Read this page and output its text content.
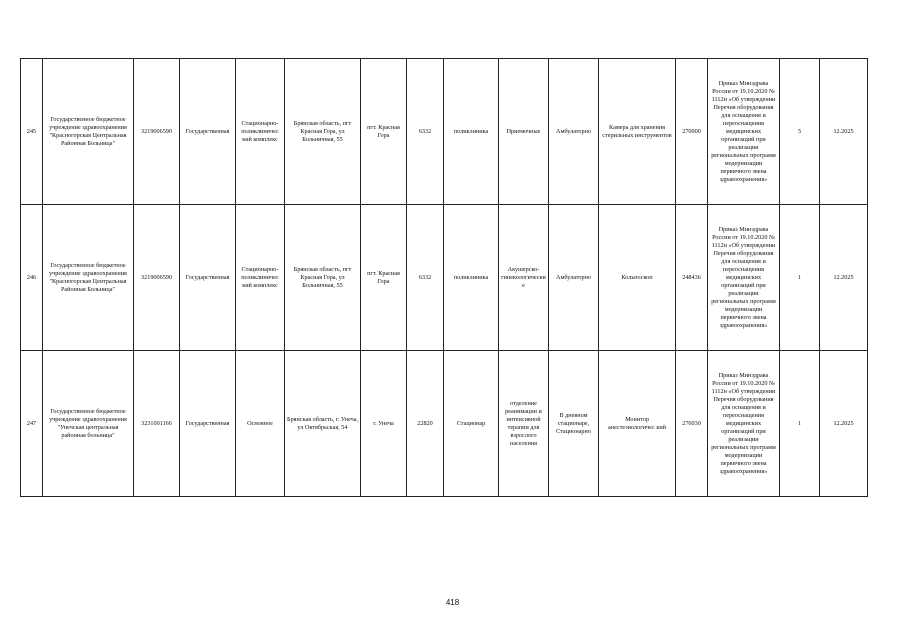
245	Государственное бюджетное учреждение здравоохранения "Красногорская Центральная Районная Больница"	3219006590	Государственная	Стационарно-поликлиничес кий комплекс	Брянская область, пгт Красная Гора, ул Больничная, 55	пгт. Красная Гора	6332	поликлиника	Приемочные	Амбулаторно	Камера для хранения стерильных инструментов	270000	Приказ Минздрава России от 19.10.2020 № 1112н «Об утверждении Перечня оборудования для оснащения и переоснащения медицинских организаций при реализации региональных программ модернизации первичного звена здравоохранения»	5	12.2025
246	Государственное бюджетное учреждение здравоохранения "Красногорская Центральная Районная Больница"	3219006590	Государственная	Стационарно-поликлиничес кий комплекс	Брянская область, пгт Красная Гора, ул Больничная, 55	пгт. Красная Гора	6332	поликлиника	Акушерско-гинекологически е	Амбулаторно	Кольпоскоп	248436	Приказ Минздрава России от 19.10.2020 № 1112н «Об утверждении Перечня оборудования для оснащения и переоснащения медицинских организаций при реализации региональных программ модернизации первичного звена здравоохранения»	1	12.2025
247	Государственное бюджетное учреждение здравоохранения "Унечская центральная районная больница"	3231001166	Государственная	Основное	Брянская область, г. Унеча, ул Октябрьская, 54	г. Унеча	22820	Стационар	отделение реанимации и интенсивной терапии для взрослого населения	В дневном стационаре, Стационарно	Монитор анестезиологичес кий	276030	Приказ Минздрава России от 19.10.2020 № 1112н «Об утверждении Перечня оборудования для оснащения и переоснащения медицинских организаций при реализации региональных программ модернизации первичного звена здравоохранения»	1	12.2025
418
